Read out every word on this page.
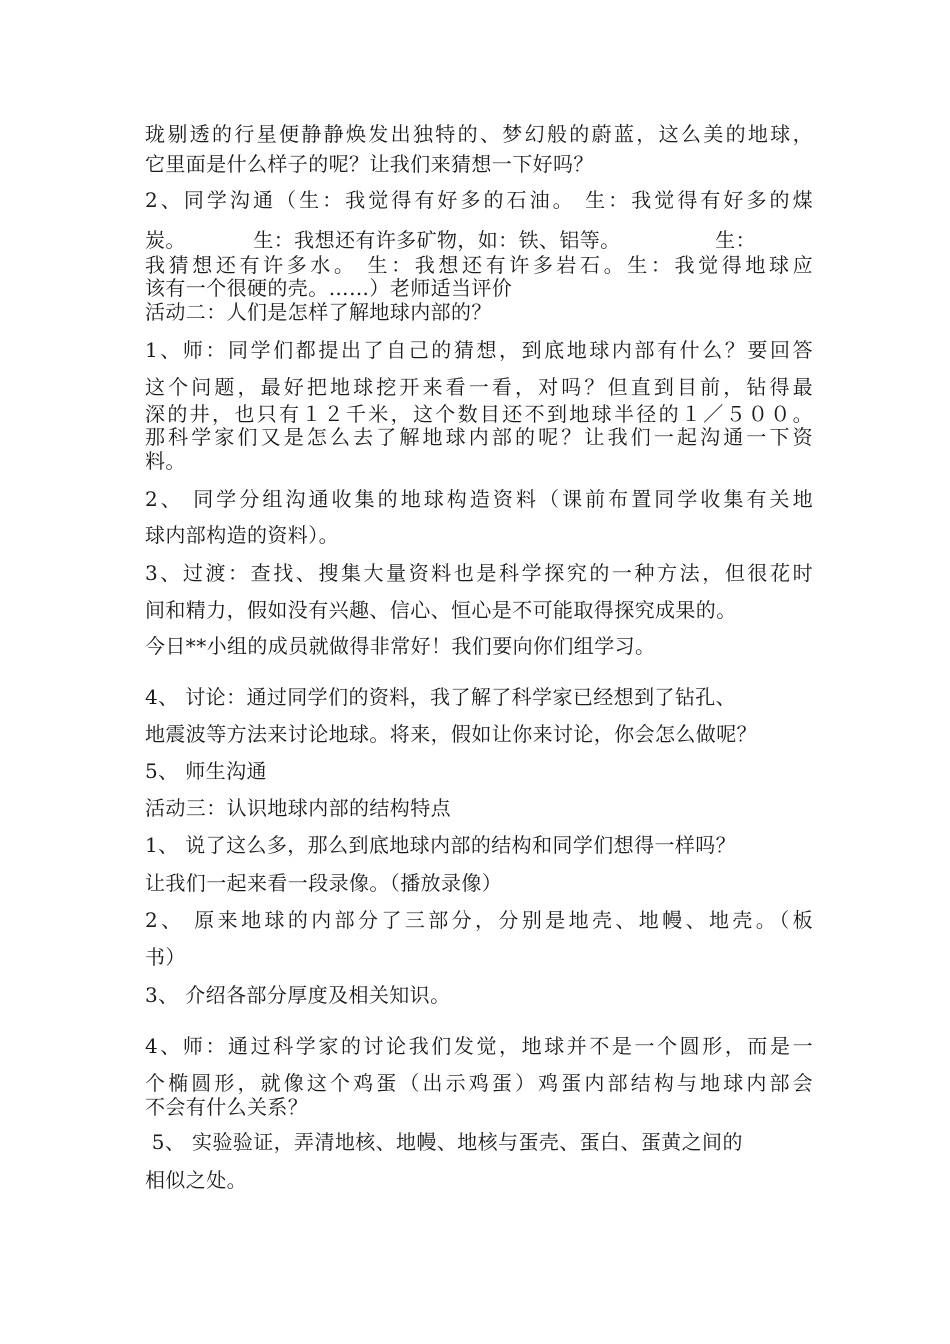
珑剔透的行星便静静焕发出独特的、梦幻般的蔚蓝，这么美的地球，
它里面是什么样子的呢？让我们来猜想一下好吗？
2、同学沟通（生：我觉得有好多的石油。 生：我觉得有好多的煤
炭。          生：我想还有许多矿物，如：铁、铝等。              生：
我猜想还有许多水。 生：我想还有许多岩石。生：我觉得地球应
该有一个很硬的壳。……）老师适当评价
活动二：人们是怎样了解地球内部的？
1、师：同学们都提出了自己的猜想，到底地球内部有什么？要回答
这个问题，最好把地球挖开来看一看，对吗？但直到目前，钻得最
深的井，也只有１２千米，这个数目还不到地球半径的１／５００。
那科学家们又是怎么去了解地球内部的呢？让我们一起沟通一下资
料。
2、 同学分组沟通收集的地球构造资料（课前布置同学收集有关地
球内部构造的资料）。
3、过渡：查找、搜集大量资料也是科学探究的一种方法，但很花时
间和精力，假如没有兴趣、信心、恒心是不可能取得探究成果的。
今日**小组的成员就做得非常好！我们要向你们组学习。
4、 讨论：通过同学们的资料，我了解了科学家已经想到了钻孔、
地震波等方法来讨论地球。将来，假如让你来讨论，你会怎么做呢？
5、 师生沟通
活动三：认识地球内部的结构特点
1、 说了这么多，那么到底地球内部的结构和同学们想得一样吗？
让我们一起来看一段录像。（播放录像）
2、 原来地球的内部分了三部分，分别是地壳、地幔、地壳。（板
书）
3、 介绍各部分厚度及相关知识。
4、师：通过科学家的讨论我们发觉，地球并不是一个圆形，而是一
个椭圆形，就像这个鸡蛋（出示鸡蛋）鸡蛋内部结构与地球内部会
不会有什么关系？
5、 实验验证，弄清地核、地幔、地核与蛋壳、蛋白、蛋黄之间的
相似之处。
